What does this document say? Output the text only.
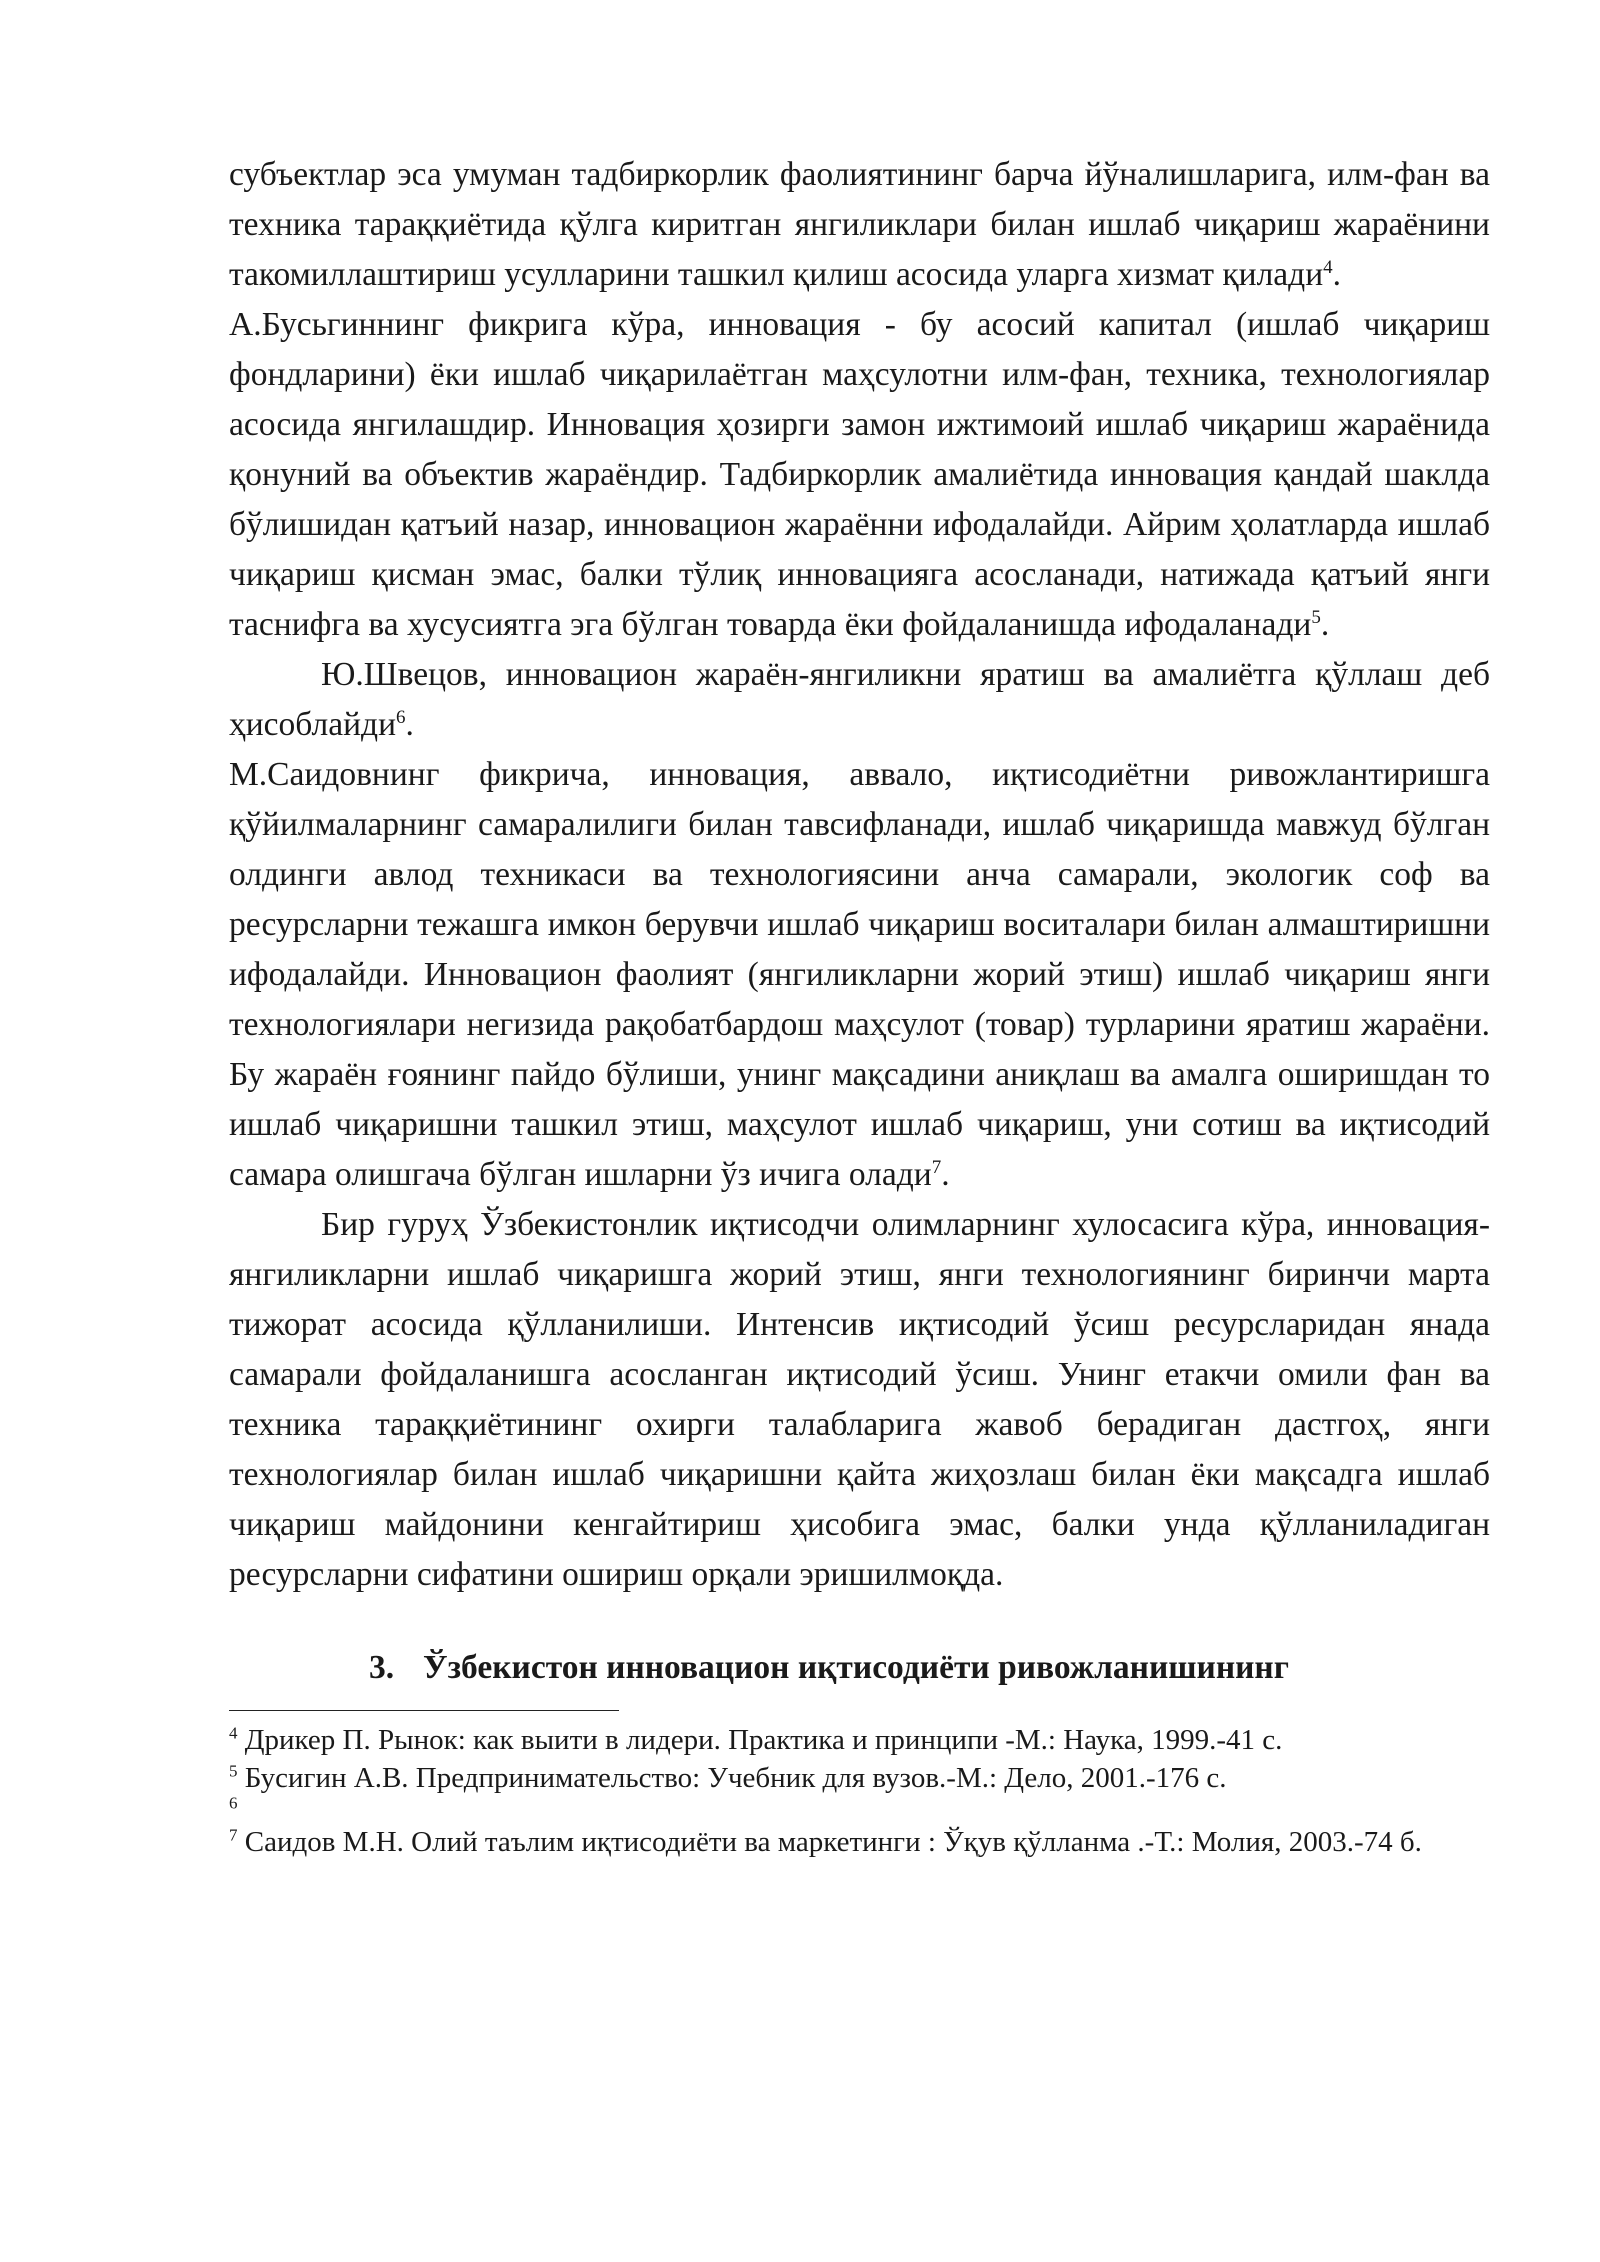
субъектлар эса умуман тадбиркорлик фаолиятининг барча йўналишларига, илм-фан ва техника тараққиётида қўлга киритган янгиликлари билан ишлаб чиқариш жараёнини такомиллаштириш усулларини ташкил қилиш асосида уларга хизмат қилади$^4$.

А.Бусьгиннинг фикрига кўра, инновация - бу асосий капитал (ишлаб чиқариш фондларини) ёки ишлаб чиқарилаётган маҳсулотни илм-фан, техника, технологиялар асосида янгилашдир. Инновация ҳозирги замон ижтимоий ишлаб чиқариш жараёнида қонуний ва объектив жараёндир. Тадбиркорлик амалиётида инновация қандай шаклда бўлишидан қатъий назар, инновацион жараённи ифодалайди. Айрим ҳолатларда ишлаб чиқариш қисман эмас, балки тўлиқ инновацияга асосланади, натижада қатъий янги таснифга ва хусусиятга эга бўлган товарда ёки фойдаланишда ифодаланади$^5$.

Ю.Швецов, инновацион жараён-янгиликни яратиш ва амалиётга қўллаш деб ҳисоблайди$^6$.

М.Саидовнинг фикрича, инновация, аввало, иқтисодиётни ривожлантиришга қўйилмаларнинг самаралилиги билан тавсифланади, ишлаб чиқаришда мавжуд бўлган олдинги авлод техникаси ва технологиясини анча самарали, экологик соф ва ресурсларни тежашга имкон берувчи ишлаб чиқариш воситалари билан алмаштиришни ифодалайди. Инновацион фаолият (янгиликларни жорий этиш) ишлаб чиқариш янги технологиялари негизида рақобатбардош маҳсулот (товар) турларини яратиш жараёни. Бу жараён ғоянинг пайдо бўлиши, унинг мақсадини аниқлаш ва амалга оширишдан то ишлаб чиқаришни ташкил этиш, маҳсулот ишлаб чиқариш, уни сотиш ва иқтисодий самара олишгача бўлган ишларни ўз ичига олади$^7$.

Бир гуруҳ Ўзбекистонлик иқтисодчи олимларнинг хулосасига кўра, инновация-янгиликларни ишлаб чиқаришга жорий этиш, янги технологиянинг биринчи марта тижорат асосида қўлланилиши. Интенсив иқтисодий ўсиш ресурсларидан янада самарали фойдаланишга асосланган иқтисодий ўсиш. Унинг етакчи омили фан ва техника тараққиётининг охирги талабларига жавоб берадиган дастгоҳ, янги технологиялар билан ишлаб чиқаришни қайта жиҳозлаш билан ёки мақсадга ишлаб чиқариш майдонини кенгайтириш ҳисобига эмас, балки унда қўлланиладиган ресурсларни сифатини ошириш орқали эришилмоқда.

3. Ўзбекистон инновацион иқтисодиёти ривожланишининг

$^4$ Дрикер П. Рынок: как выити в лидери. Практика и принципи -М.: Наука, 1999.-41 с.

$^5$ Бусигин А.В. Предпринимательство: Учебник для вузов.-М.: Дело, 2001.-176 с.

$^6$

$^7$ Саидов М.Н. Олий таълим иқтисодиёти ва маркетинги : Ўқув қўлланма .-Т.: Молия, 2003.-74 б.
